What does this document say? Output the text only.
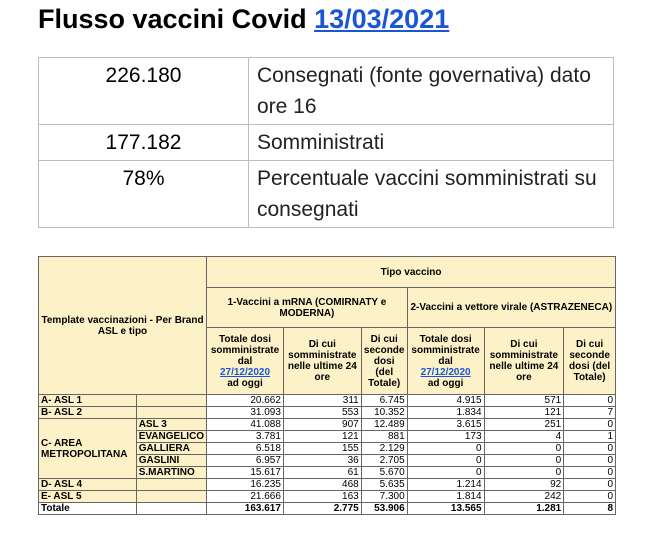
Flusso vaccini Covid 13/03/2021
226.180	Consegnati (fonte governativa) dato ore 16
177.182	Somministrati
78%	Percentuale vaccini somministrati su consegnati
Template vaccinazioni - Per Brand ASL e tipo		Tipo vaccino					
		1-Vaccini a mRNA (COMIRNATY e MODERNA)			2-Vaccini a vettore virale (ASTRAZENECA)		
		Totale dosi somministrate dal
27/12/2020
ad oggi	Di cui somministrate nelle ultime 24 ore	Di cui seconde dosi (del Totale)	Totale dosi somministrate dal
27/12/2020
ad oggi	Di cui somministrate nelle ultime 24 ore	Di cui seconde dosi (del Totale)
A- ASL 1		20.662	311	6.745	4.915	571	0
B- ASL 2		31.093	553	10.352	1.834	121	7
C- AREA METROPOLITANA	ASL 3	41.088	907	12.489	3.615	251	0
	EVANGELICO	3.781	121	881	173	4	1
	GALLIERA	6.518	155	2.129	0	0	0
	GASLINI	6.957	36	2.705	0	0	0
	S.MARTINO	15.617	61	5.670	0	0	0
D- ASL 4		16.235	468	5.635	1.214	92	0
E- ASL 5		21.666	163	7.300	1.814	242	0
Totale		163.617	2.775	53.906	13.565	1.281	8
